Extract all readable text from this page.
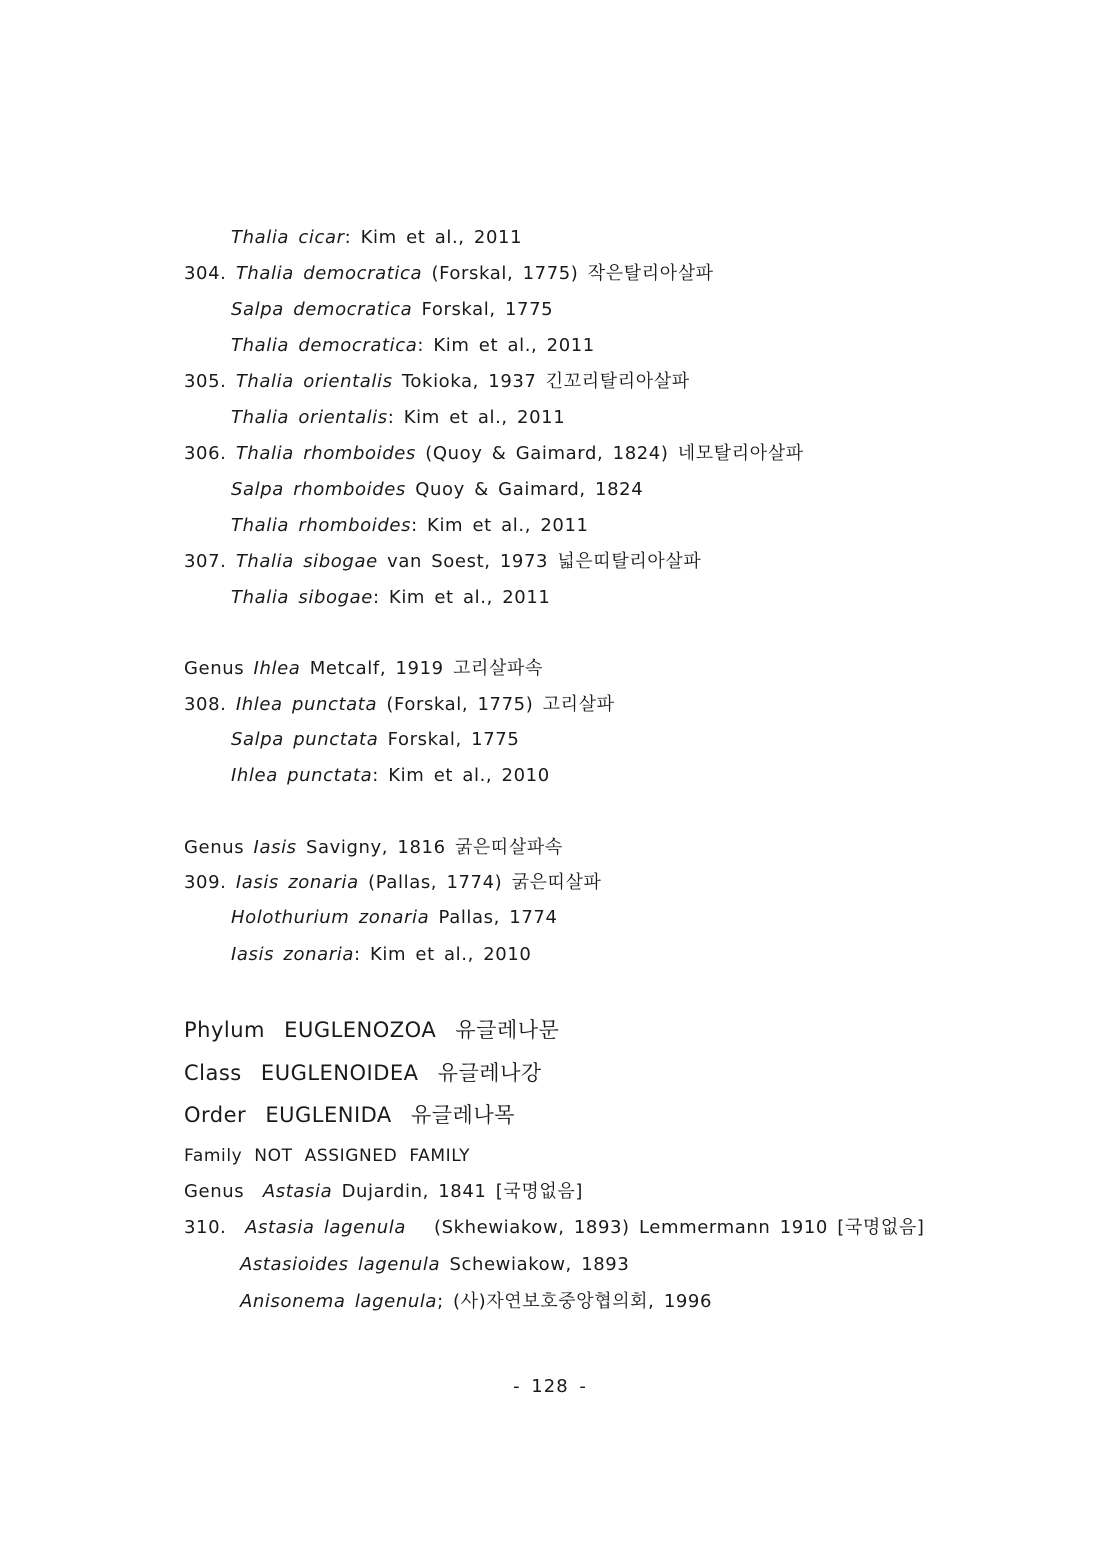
Thalia cicar: Kim et al., 2011
304. Thalia democratica (Forskal, 1775) 작은탈리아살파
Salpa democratica Forskal, 1775
Thalia democratica: Kim et al., 2011
305. Thalia orientalis Tokioka, 1937 긴꼬리탈리아살파
Thalia orientalis: Kim et al., 2011
306. Thalia rhomboides (Quoy & Gaimard, 1824) 네모탈리아살파
Salpa rhomboides Quoy & Gaimard, 1824
Thalia rhomboides: Kim et al., 2011
307. Thalia sibogae van Soest, 1973 넓은띠탈리아살파
Thalia sibogae: Kim et al., 2011
Genus Ihlea Metcalf, 1919 고리살파속
308. Ihlea punctata (Forskal, 1775) 고리살파
Salpa punctata Forskal, 1775
Ihlea punctata: Kim et al., 2010
Genus Iasis Savigny, 1816 굵은띠살파속
309. Iasis zonaria (Pallas, 1774) 굵은띠살파
Holothurium zonaria Pallas, 1774
Iasis zonaria: Kim et al., 2010
Phylum EUGLENOZOA 유글레나문
Class EUGLENOIDEA 유글레나강
Order EUGLENIDA 유글레나목
Family NOT ASSIGNED FAMILY
Genus  Astasia Dujardin, 1841 [국명없음]
310.  Astasia lagenula   (Skhewiakow, 1893) Lemmermann 1910 [국명없음]
Astasioides lagenula Schewiakow, 1893
Anisonema lagenula; (사)자연보호중앙협의회, 1996
- 128 -
